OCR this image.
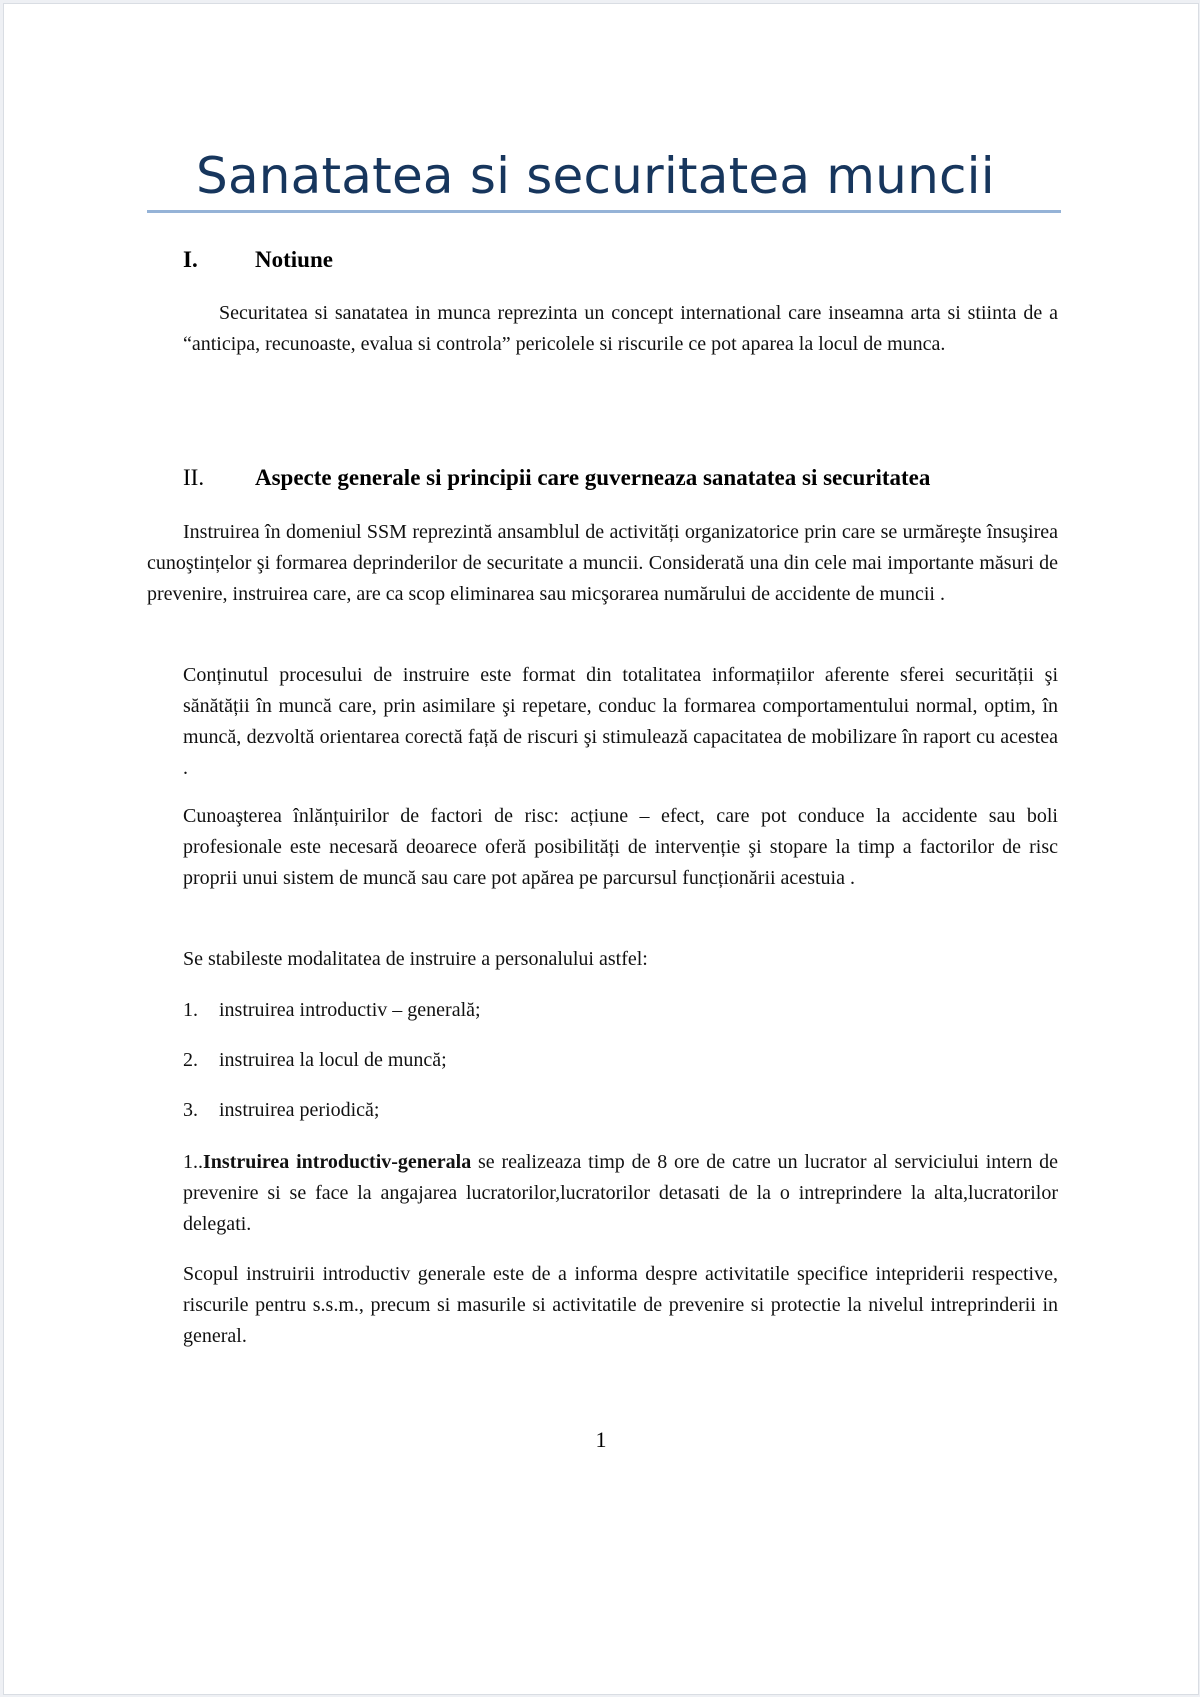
Sanatatea si securitatea muncii
I. Notiune

Securitatea si sanatatea in munca reprezinta un concept international care inseamna arta si stiinta de a “anticipa, recunoaste, evalua si controla” pericolele si riscurile ce pot aparea la locul de munca.

II. Aspecte generale si principii care guverneaza sanatatea si securitatea

Instruirea în domeniul SSM reprezintă ansamblul de activități organizatorice prin care se urmăreşte însuşirea cunoştințelor şi formarea deprinderilor de securitate a muncii. Considerată una din cele mai importante măsuri de prevenire, instruirea care, are ca scop eliminarea sau micşorarea numărului de accidente de muncii .

Conținutul procesului de instruire este format din totalitatea informațiilor aferente sferei securității şi sănătății în muncă care, prin asimilare şi repetare, conduc la formarea comportamentului normal, optim, în muncă, dezvoltă orientarea corectă față de riscuri şi stimulează capacitatea de mobilizare în raport cu acestea .

Cunoaşterea înlănțuirilor de factori de risc: acțiune – efect, care pot conduce la accidente sau boli profesionale este necesară deoarece oferă posibilități de intervenție şi stopare la timp a factorilor de risc proprii unui sistem de muncă sau care pot apărea pe parcursul funcționării acestuia .

Se stabileste modalitatea de instruire a personalului astfel:

1. instruirea introductiv – generală;
2. instruirea la locul de muncă;
3. instruirea periodică;

1..Instruirea introductiv-generala se realizeaza timp de 8 ore de catre un lucrator al serviciului intern de prevenire si se face la angajarea lucratorilor,lucratorilor detasati de la o intreprindere la alta,lucratorilor delegati.

Scopul instruirii introductiv generale este de a informa despre activitatile specifice intepriderii respective, riscurile pentru s.s.m., precum si masurile si activitatile de prevenire si protectie la nivelul intreprinderii in general.

1
